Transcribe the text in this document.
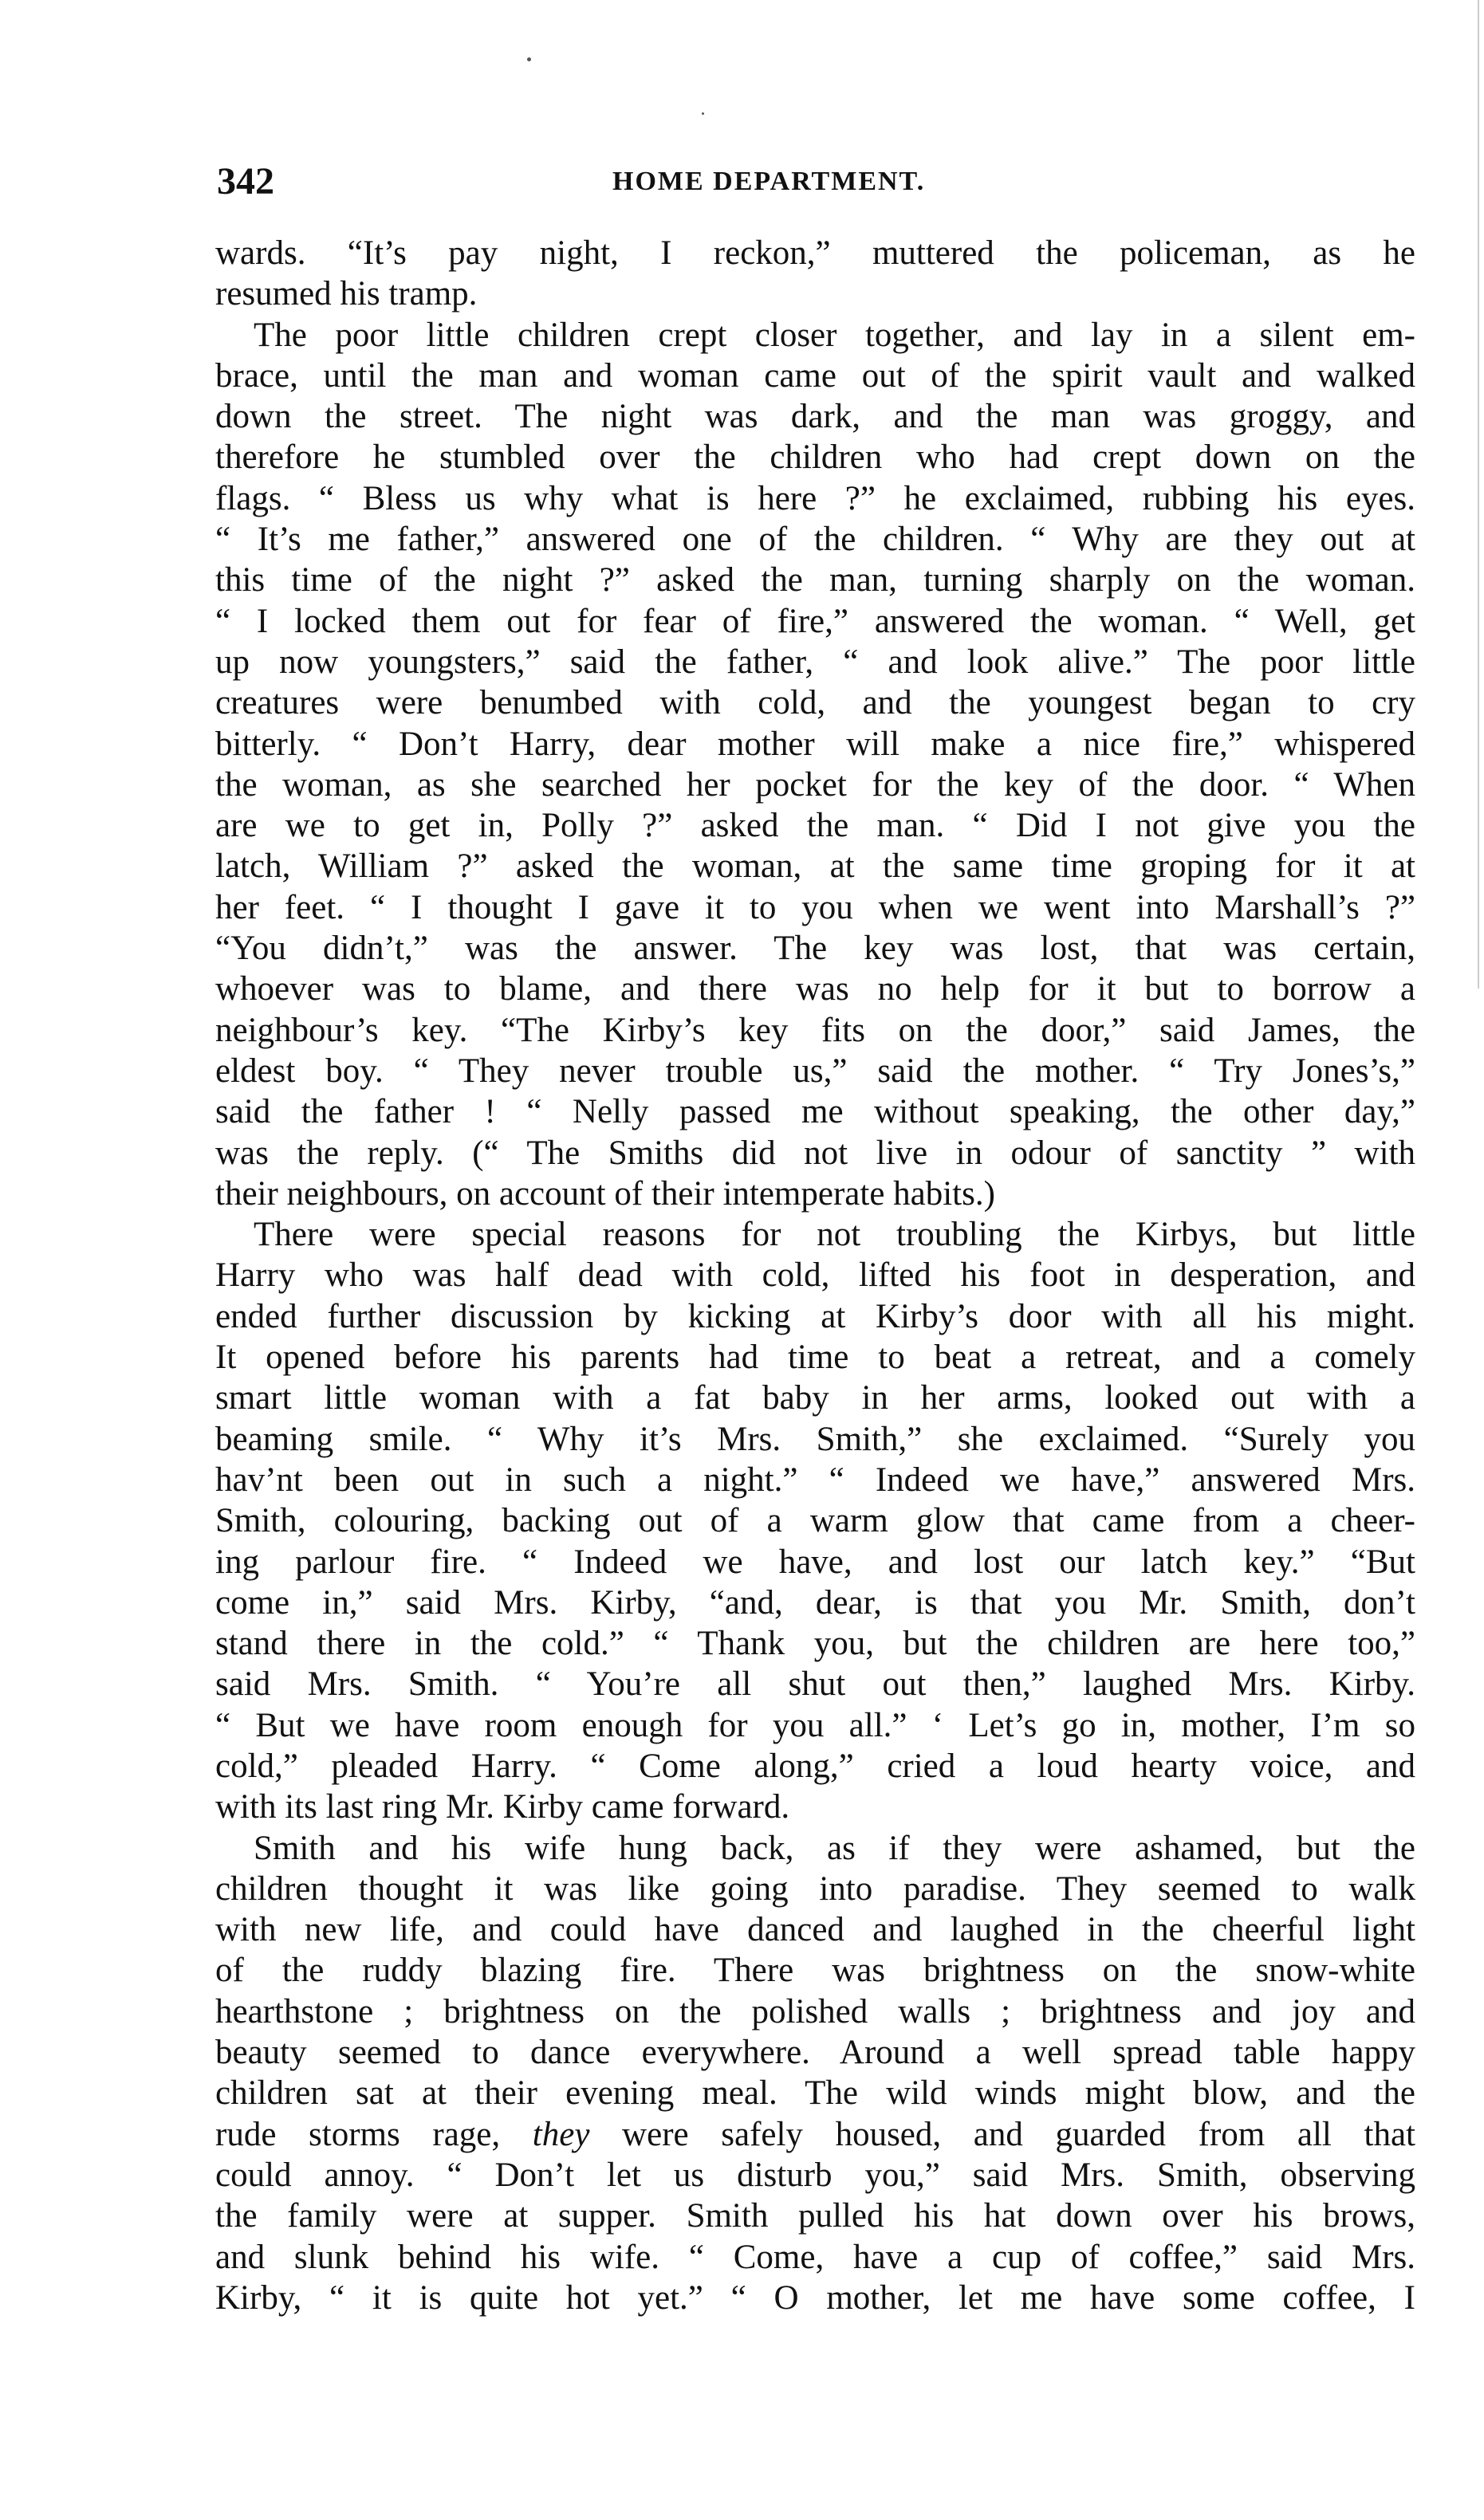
342	HOME DEPARTMENT.
wards. “It’s pay night, I reckon,” muttered the policeman, as he
resumed his tramp.
The poor little children crept closer together, and lay in a silent em-
brace, until the man and woman came out of the spirit vault and walked
down the street. The night was dark, and the man was groggy, and
therefore he stumbled over the children who had crept down on the
flags. “ Bless us why what is here ?” he exclaimed, rubbing his eyes.
“ It’s me father,” answered one of the children. “ Why are they out at
this time of the night ?” asked the man, turning sharply on the woman.
“ I locked them out for fear of fire,” answered the woman. “ Well, get
up now youngsters,” said the father, “ and look alive.” The poor little
creatures were benumbed with cold, and the youngest began to cry
bitterly. “ Don’t Harry, dear mother will make a nice fire,” whispered
the woman, as she searched her pocket for the key of the door. “ When
are we to get in, Polly ?” asked the man. “ Did I not give you the
latch, William ?” asked the woman, at the same time groping for it at
her feet. “ I thought I gave it to you when we went into Marshall’s ?”
“You didn’t,” was the answer. The key was lost, that was certain,
whoever was to blame, and there was no help for it but to borrow a
neighbour’s key. “The Kirby’s key fits on the door,” said James, the
eldest boy. “ They never trouble us,” said the mother. “ Try Jones’s,”
said the father ! “ Nelly passed me without speaking, the other day,”
was the reply. (“ The Smiths did not live in odour of sanctity ” with
their neighbours, on account of their intemperate habits.)
There were special reasons for not troubling the Kirbys, but little
Harry who was half dead with cold, lifted his foot in desperation, and
ended further discussion by kicking at Kirby’s door with all his might.
It opened before his parents had time to beat a retreat, and a comely
smart little woman with a fat baby in her arms, looked out with a
beaming smile. “ Why it’s Mrs. Smith,” she exclaimed. “Surely you
hav’nt been out in such a night.” “ Indeed we have,” answered Mrs.
Smith, colouring, backing out of a warm glow that came from a cheer-
ing parlour fire. “ Indeed we have, and lost our latch key.” “But
come in,” said Mrs. Kirby, “and, dear, is that you Mr. Smith, don’t
stand there in the cold.” “ Thank you, but the children are here too,”
said Mrs. Smith. “ You’re all shut out then,” laughed Mrs. Kirby.
“ But we have room enough for you all.” ‘ Let’s go in, mother, I’m so
cold,” pleaded Harry. “ Come along,” cried a loud hearty voice, and
with its last ring Mr. Kirby came forward.
Smith and his wife hung back, as if they were ashamed, but the
children thought it was like going into paradise. They seemed to walk
with new life, and could have danced and laughed in the cheerful light
of the ruddy blazing fire. There was brightness on the snow-white
hearthstone ; brightness on the polished walls ; brightness and joy and
beauty seemed to dance everywhere. Around a well spread table happy
children sat at their evening meal. The wild winds might blow, and the
rude storms rage, they were safely housed, and guarded from all that
could annoy. “ Don’t let us disturb you,” said Mrs. Smith, observing
the family were at supper. Smith pulled his hat down over his brows,
and slunk behind his wife. “ Come, have a cup of coffee,” said Mrs.
Kirby, “ it is quite hot yet.” “ O mother, let me have some coffee, I
